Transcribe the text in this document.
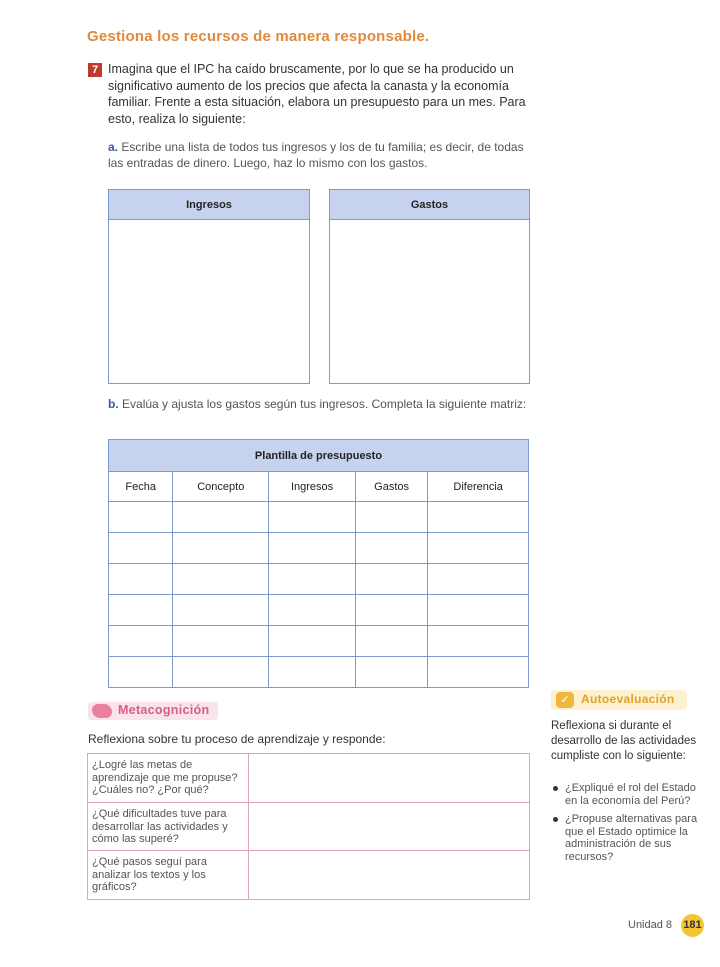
Gestiona los recursos de manera responsable.
7 Imagina que el IPC ha caído bruscamente, por lo que se ha producido un significativo aumento de los precios que afecta la canasta y la economía familiar. Frente a esta situación, elabora un presupuesto para un mes. Para esto, realiza lo siguiente:
a. Escribe una lista de todos tus ingresos y los de tu familia; es decir, de todas las entradas de dinero. Luego, haz lo mismo con los gastos.
Ingresos	Gastos
b. Evalúa y ajusta los gastos según tus ingresos. Completa la siguiente matriz:
Plantilla de presupuesto				
Fecha	Concepto	Ingresos	Gastos	Diferencia

Metacognición
Reflexiona sobre tu proceso de aprendizaje y responde:
¿Logré las metas de aprendizaje que me propuse? ¿Cuáles no? ¿Por qué?	
¿Qué dificultades tuve para desarrollar las actividades y cómo las superé?	
¿Qué pasos seguí para analizar los textos y los gráficos?	
✓ Autoevaluación
Reflexiona si durante el desarrollo de las actividades cumpliste con lo siguiente:
¿Expliqué el rol del Estado en la economía del Perú?
¿Propuse alternativas para que el Estado optimice la administración de sus recursos?
Unidad 8 181
